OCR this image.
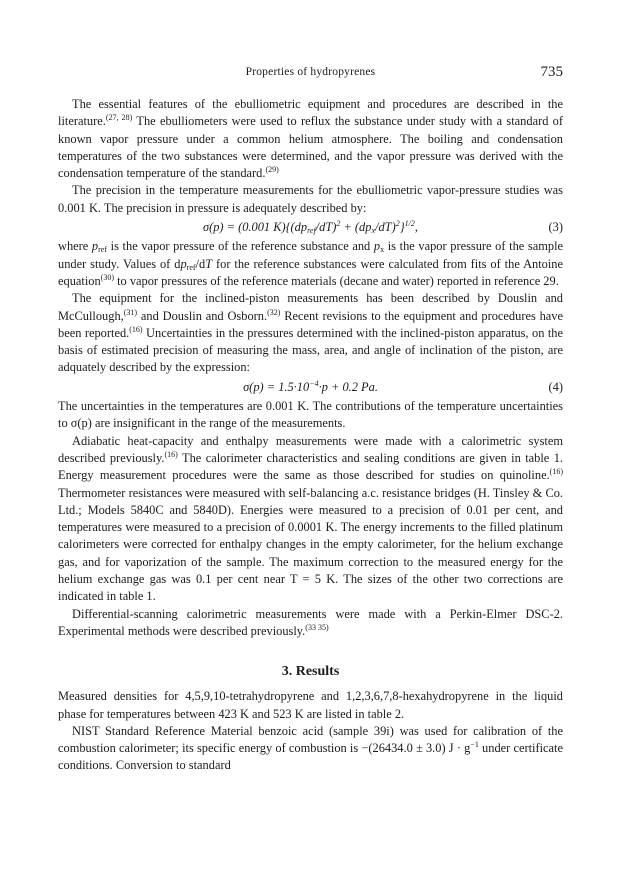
Properties of hydropyrenes	735

The essential features of the ebulliometric equipment and procedures are described in the literature.$^{(27, 28)}$ The ebulliometers were used to reflux the substance under study with a standard of known vapor pressure under a common helium atmosphere. The boiling and condensation temperatures of the two substances were determined, and the vapor pressure was derived with the condensation temperature of the standard.$^{(29)}$

The precision in the temperature measurements for the ebulliometric vapor-pressure studies was 0.001 K. The precision in pressure is adequately described by:

σ(p) = (0.001 $K)\{(dp_{ref}/dT)^2 + (dp_x/dT)^2\}^{1/2}$,	(3)

where $p_{ref}$ is the vapor pressure of the reference substance and $p_x$ is the vapor pressure of the sample under study. Values of $dp_{ref}/dT$ for the reference substances were calculated from fits of the Antoine equation$^{(30)}$ to vapor pressures of the reference materials (decane and water) reported in reference 29.

The equipment for the inclined-piston measurements has been described by Douslin and McCullough,$^{(31)}$ and Douslin and Osborn.$^{(32)}$ Recent revisions to the equipment and procedures have been reported.$^{(16)}$ Uncertainties in the pressures determined with the inclined-piston apparatus, on the basis of estimated precision of measuring the mass, area, and angle of inclination of the piston, are adquately described by the expression:

$\sigma(p) = 1.5\cdot 10^{-4}\cdot p + 0.2$ Pa.	(4)

The uncertainties in the temperatures are 0.001 K. The contributions of the temperature uncertainties to σ(p) are insignificant in the range of the measurements.

Adiabatic heat-capacity and enthalpy measurements were made with a calorimetric system described previously.$^{(16)}$ The calorimeter characteristics and sealing conditions are given in table 1. Energy measurement procedures were the same as those described for studies on quinoline.$^{(16)}$ Thermometer resistances were measured with self-balancing a.c. resistance bridges (H. Tinsley & Co. Ltd.; Models 5840C and 5840D). Energies were measured to a precision of 0.01 per cent, and temperatures were measured to a precision of 0.0001 K. The energy increments to the filled platinum calorimeters were corrected for enthalpy changes in the empty calorimeter, for the helium exchange gas, and for vaporization of the sample. The maximum correction to the measured energy for the helium exchange gas was 0.1 per cent near T = 5 K. The sizes of the other two corrections are indicated in table 1.

Differential-scanning calorimetric measurements were made with a Perkin-Elmer DSC-2. Experimental methods were described previously.$^{(33 35)}$

3. Results

Measured densities for 4,5,9,10-tetrahydropyrene and 1,2,3,6,7,8-hexahydropyrene in the liquid phase for temperatures between 423 K and 523 K are listed in table 2.

NIST Standard Reference Material benzoic acid (sample 39i) was used for calibration of the combustion calorimeter; its specific energy of combustion is −(26434.0 ± 3.0) $J \cdot g^{-1}$ under certificate conditions. Conversion to standard
